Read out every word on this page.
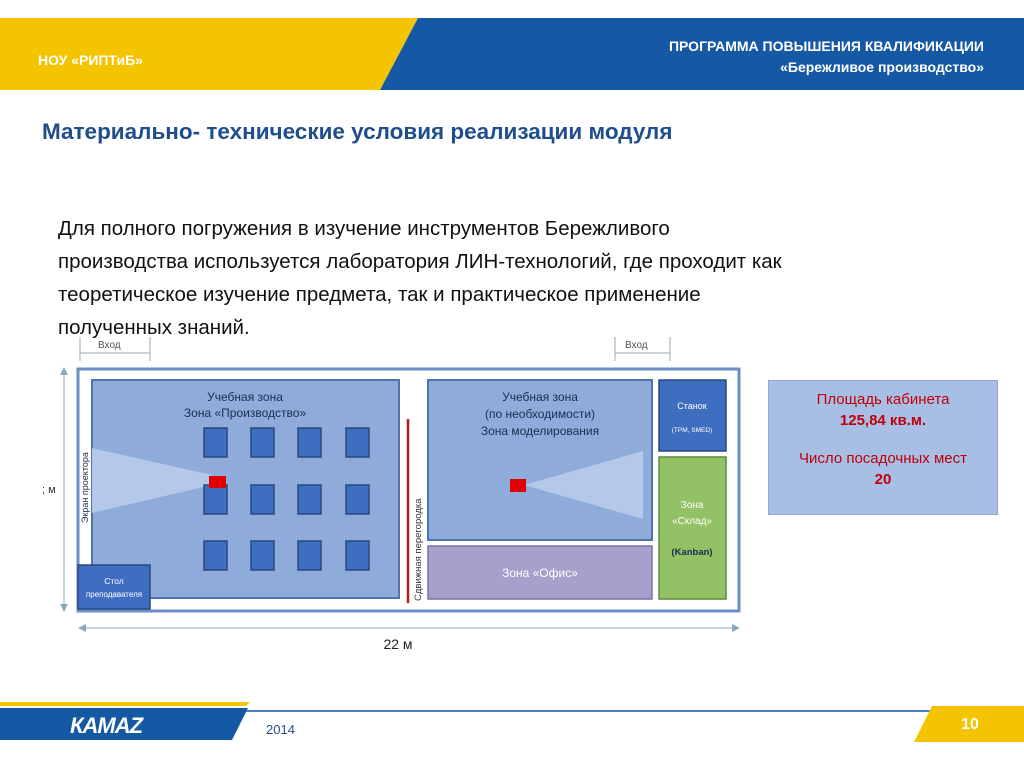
НОУ «РИПТиБ»
ПРОГРАММА ПОВЫШЕНИЯ КВАЛИФИКАЦИИ
«Бережливое производство»
Материально- технические условия реализации модуля
Для полного погружения в изучение инструментов Бережливого
производства используется лаборатория ЛИН-технологий, где проходит как
теоретическое изучение предмета, так и практическое применение
полученных знаний.
Вход	Вход
; м
Учебная зона
Зона «Производство»
Экран проектора
Стол
преподавателя	Сдвижная перегородка
Учебная зона
(по необходимости)
Зона моделирования
Зона «Офис»
Станок
(TPM, SMED)
Зона
«Склад»
(Kanban)
22 м
Площадь кабинета
125,84 кв.м.
Число посадочных мест
20
КАМАZ	2014	10
